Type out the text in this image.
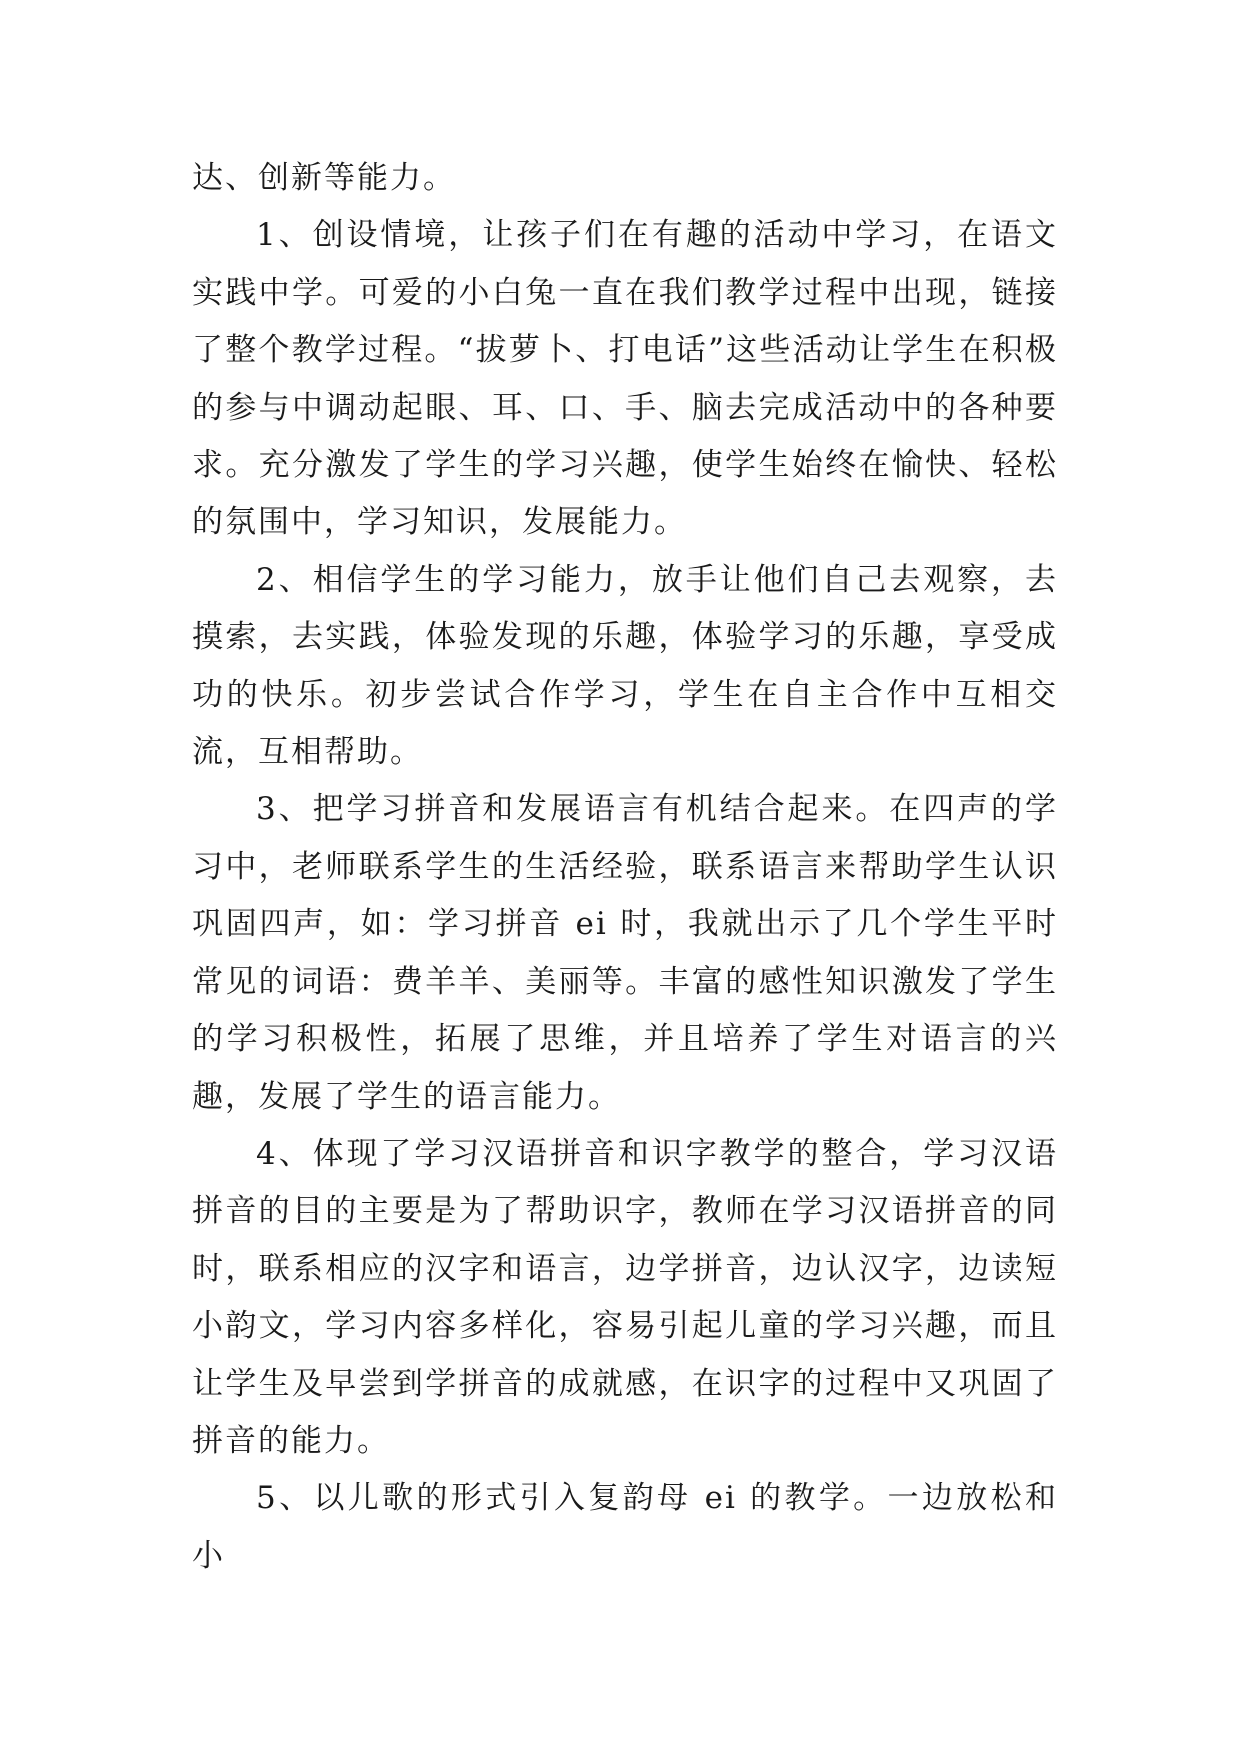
达、创新等能力。

1、创设情境，让孩子们在有趣的活动中学习，在语文实践中学。可爱的小白兔一直在我们教学过程中出现，链接了整个教学过程。“拔萝卜、打电话”这些活动让学生在积极的参与中调动起眼、耳、口、手、脑去完成活动中的各种要求。充分激发了学生的学习兴趣，使学生始终在愉快、轻松的氛围中，学习知识，发展能力。

2、相信学生的学习能力，放手让他们自己去观察，去摸索，去实践，体验发现的乐趣，体验学习的乐趣，享受成功的快乐。初步尝试合作学习，学生在自主合作中互相交流，互相帮助。

3、把学习拼音和发展语言有机结合起来。在四声的学习中，老师联系学生的生活经验，联系语言来帮助学生认识巩固四声，如：学习拼音 ei 时，我就出示了几个学生平时常见的词语：费羊羊、美丽等。丰富的感性知识激发了学生的学习积极性，拓展了思维，并且培养了学生对语言的兴趣，发展了学生的语言能力。

4、体现了学习汉语拼音和识字教学的整合，学习汉语拼音的目的主要是为了帮助识字，教师在学习汉语拼音的同时，联系相应的汉字和语言，边学拼音，边认汉字，边读短小韵文，学习内容多样化，容易引起儿童的学习兴趣，而且让学生及早尝到学拼音的成就感，在识字的过程中又巩固了拼音的能力。

5、以儿歌的形式引入复韵母 ei 的教学。一边放松和小
